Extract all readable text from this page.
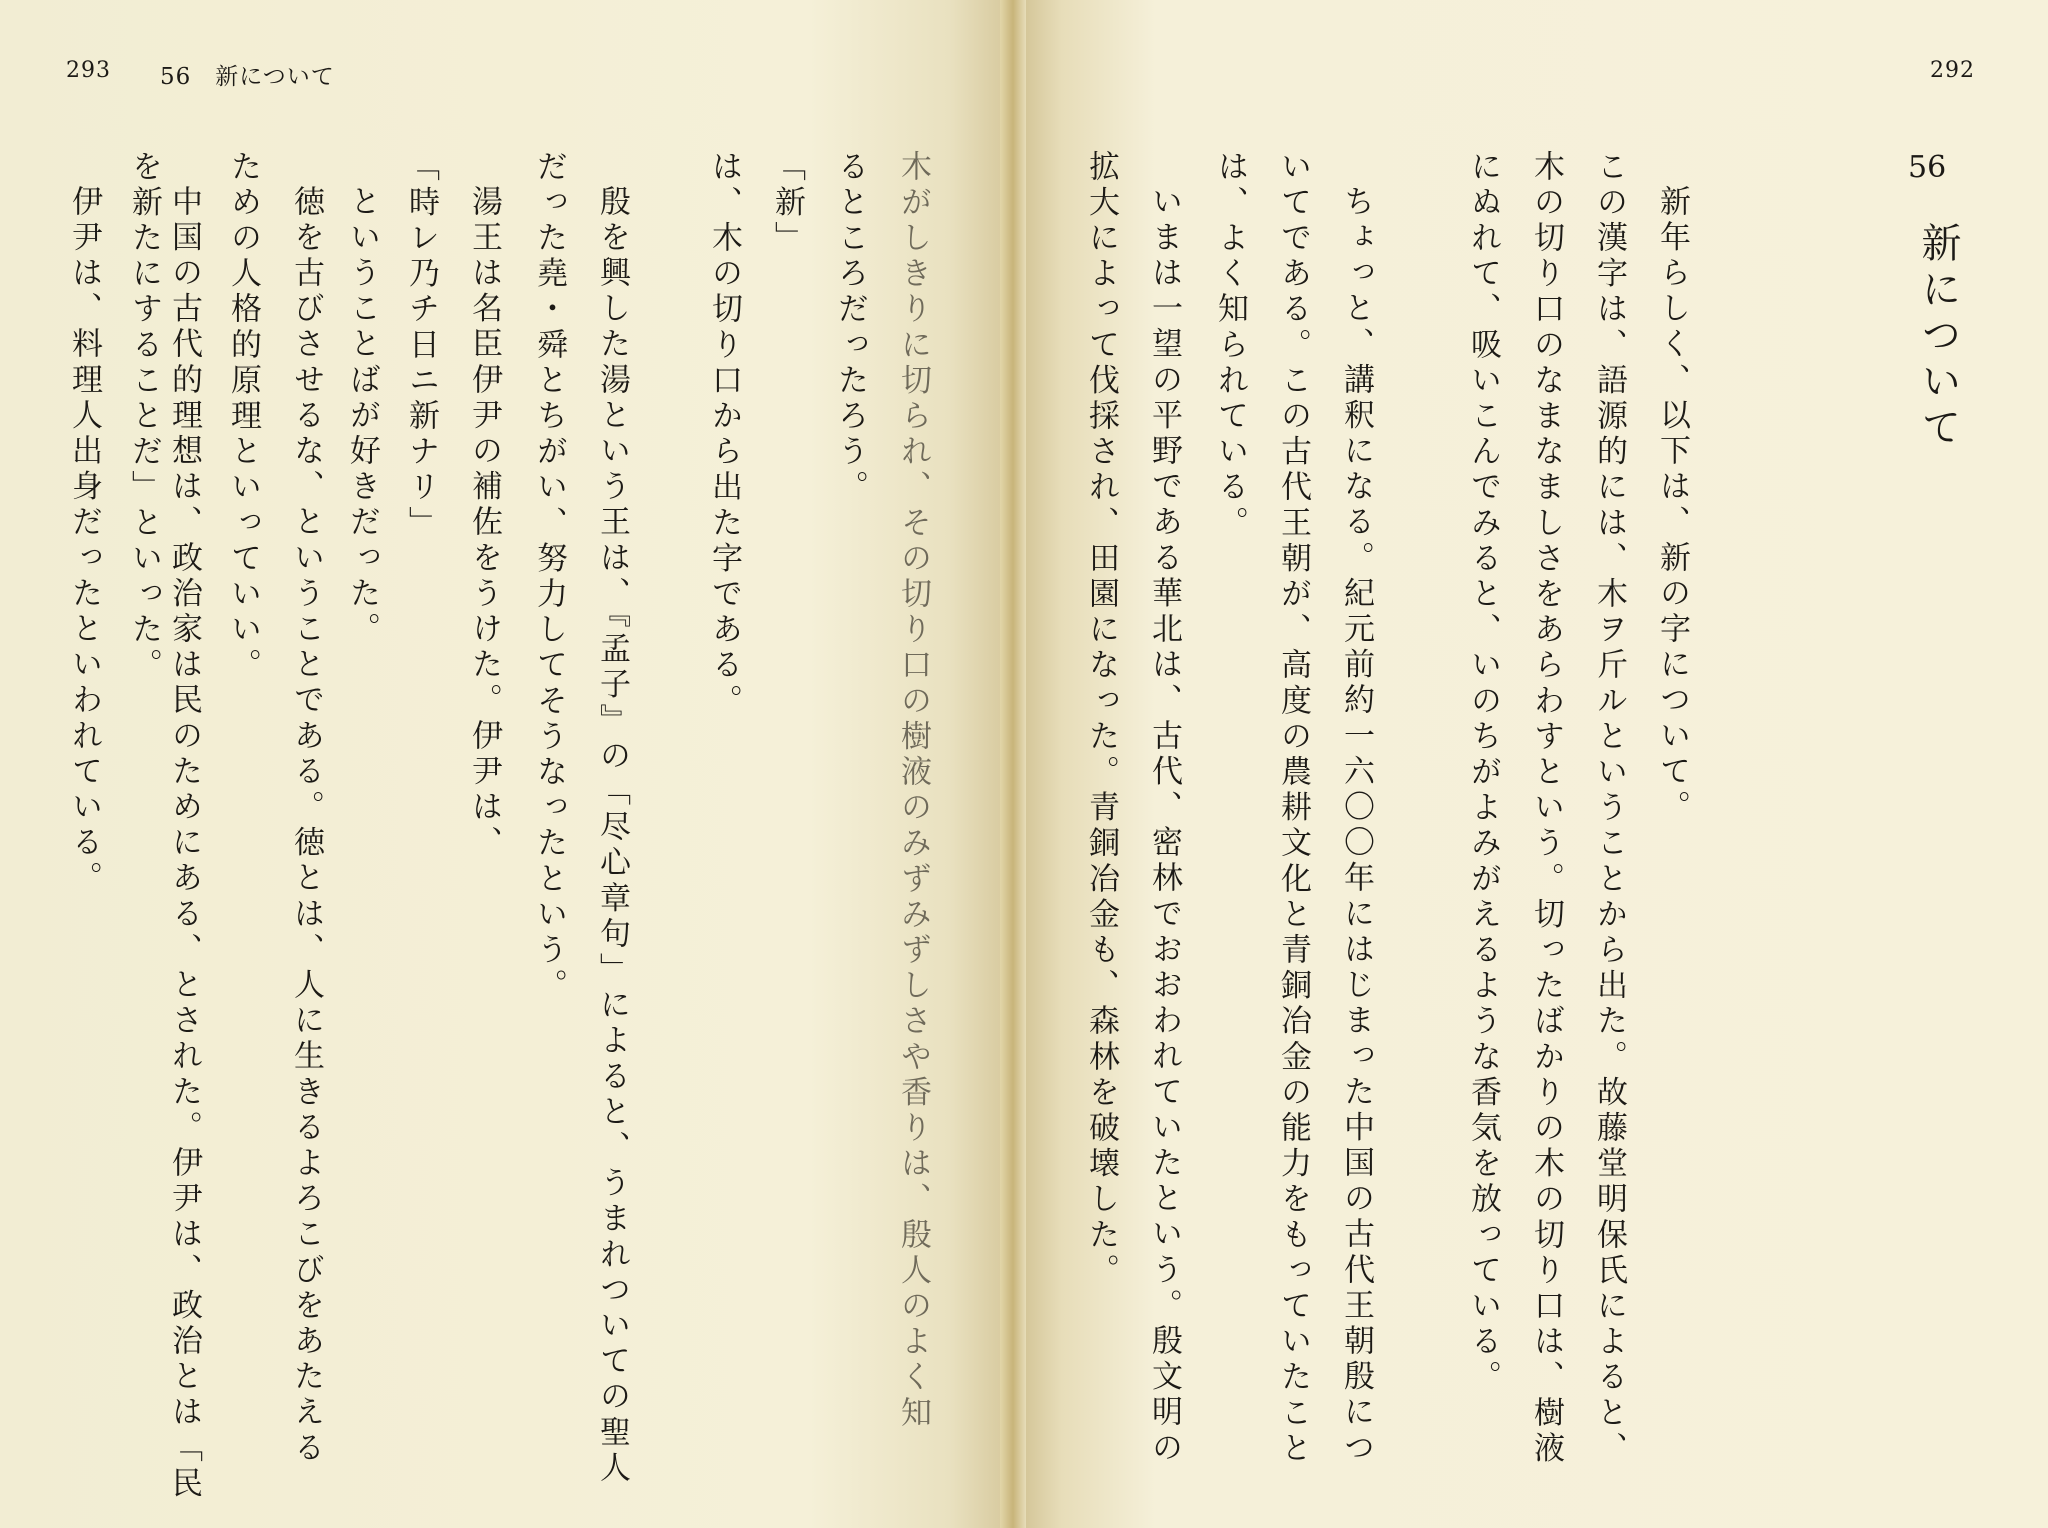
293 56　新について	292
56
新について
新年らしく、以下は、新の字について。
この漢字は、語源的には、木ヲ斤ルということから出た。故藤堂明保氏によると、
木の切り口のなまなましさをあらわすという。切ったばかりの木の切り口は、樹液
にぬれて、吸いこんでみると、いのちがよみがえるような香気を放っている。
ちょっと、講釈になる。紀元前約一六〇〇年にはじまった中国の古代王朝殷につ
いてである。この古代王朝が、高度の農耕文化と青銅冶金の能力をもっていたこと
は、よく知られている。
いまは一望の平野である華北は、古代、密林でおおわれていたという。殷文明の
拡大によって伐採され、田園になった。青銅冶金も、森林を破壊した。
木がしきりに切られ、その切り口の樹液のみずみずしさや香りは、殷人のよく知
るところだったろう。
「新」
は、木の切り口から出た字である。
殷を興した湯という王は、『孟子』の「尽心章句」によると、うまれついての聖人
だった堯・舜とちがい、努力してそうなったという。
湯王は名臣伊尹の補佐をうけた。伊尹は、
「時レ乃チ日ニ新ナリ」
ということばが好きだった。
徳を古びさせるな、ということである。徳とは、人に生きるよろこびをあたえる
ための人格的原理といっていい。
中国の古代的理想は、政治家は民のためにある、とされた。伊尹は、政治とは「民
を新たにすることだ」といった。
伊尹は、料理人出身だったといわれている。
